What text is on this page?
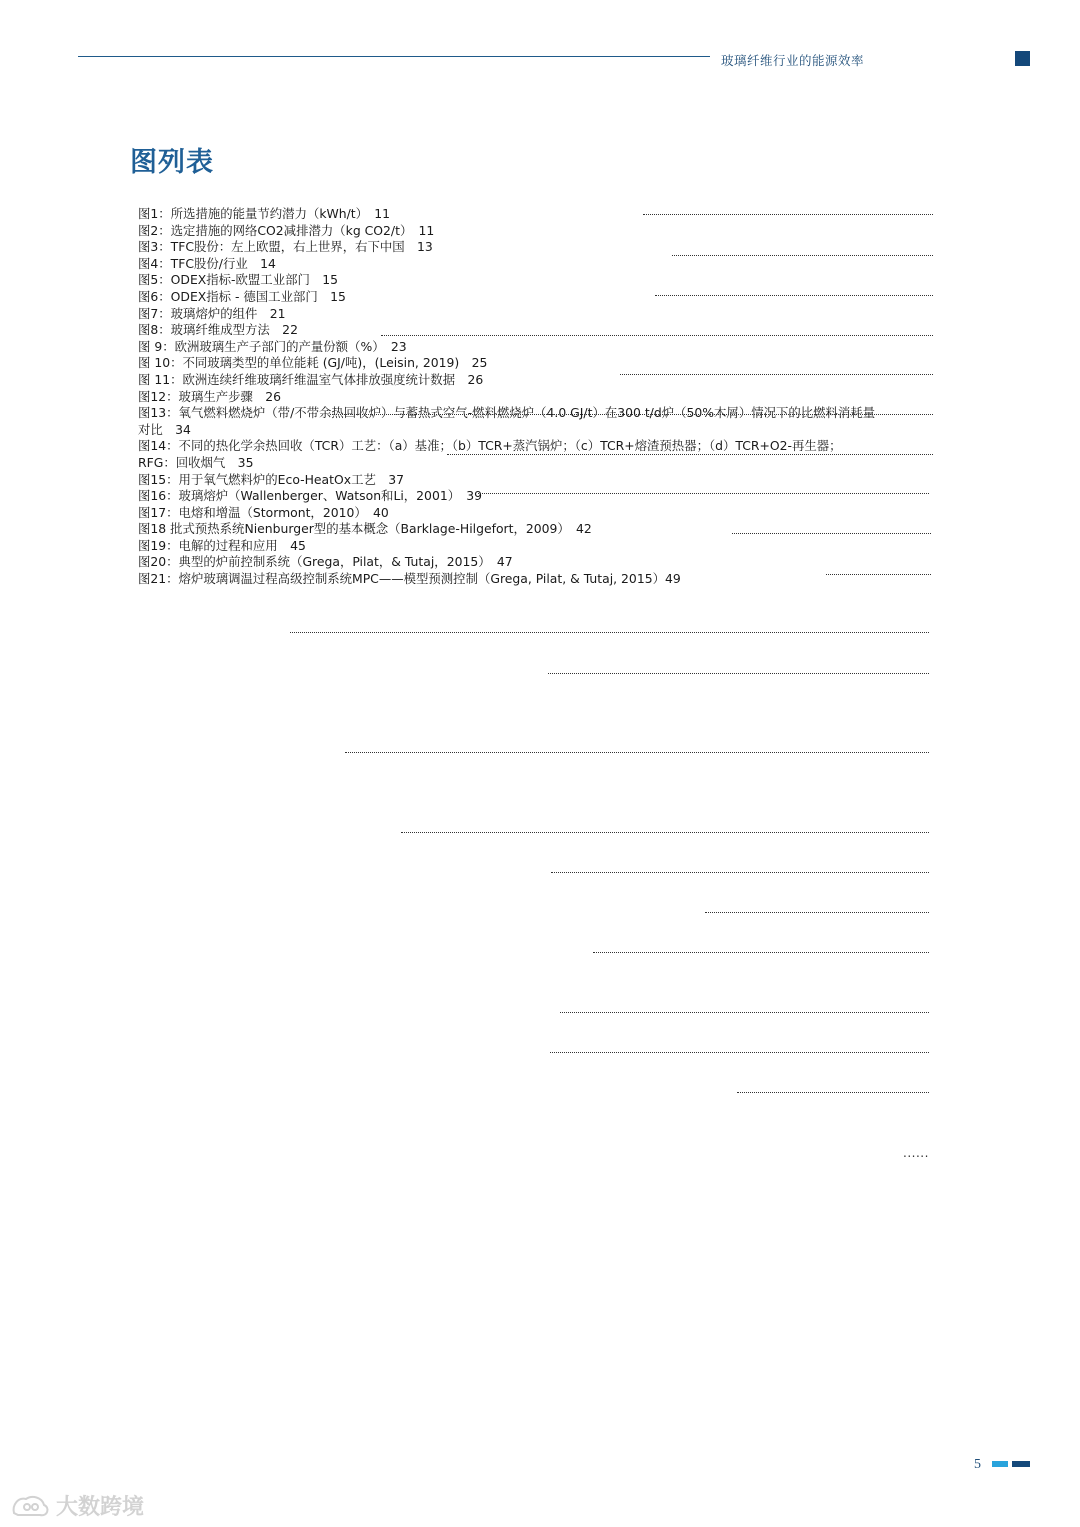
玻璃纤维行业的能源效率
图列表
图1：所选措施的能量节约潜力（kWh/t）　11
图2：选定措施的网络CO2减排潜力（kg CO2/t）　11
图3：TFC股份：左上欧盟，右上世界，右下中国　13
图4：TFC股份/行业　14
图5：ODEX指标-欧盟工业部门　15
图6：ODEX指标 - 德国工业部门　15
图7：玻璃熔炉的组件　21
图8：玻璃纤维成型方法　22
图 9：欧洲玻璃生产子部门的产量份额（%）　23
图 10：不同玻璃类型的单位能耗 (GJ/吨)，(Leisin, 2019)　25
图 11：欧洲连续纤维玻璃纤维温室气体排放强度统计数据　26
图12：玻璃生产步骤　26
图13：氧气燃料燃烧炉（带/不带余热回收炉）与蓄热式空气-燃料燃烧炉（4.0 GJ/t）在300 t/d炉（50%木屑）情况下的比燃料消耗量
对比　34
图14：不同的热化学余热回收（TCR）工艺：（a）基准；（b）TCR+蒸汽锅炉；（c）TCR+熔渣预热器；（d）TCR+O2-再生器；
RFG：回收烟气　35
图15：用于氧气燃料炉的Eco-HeatOx工艺　37
图16：玻璃熔炉（Wallenberger、Watson和Li，2001）　39
图17：电熔和增温（Stormont，2010）　40
图18 批式预热系统Nienburger型的基本概念（Barklage-Hilgefort，2009）　42
图19：电解的过程和应用　45
图20：典型的炉前控制系统（Grega，Pilat，& Tutaj，2015）　47
图21：熔炉玻璃调温过程高级控制系统MPC——模型预测控制（Grega, Pilat, & Tutaj, 2015）49
......
5
大数跨境
